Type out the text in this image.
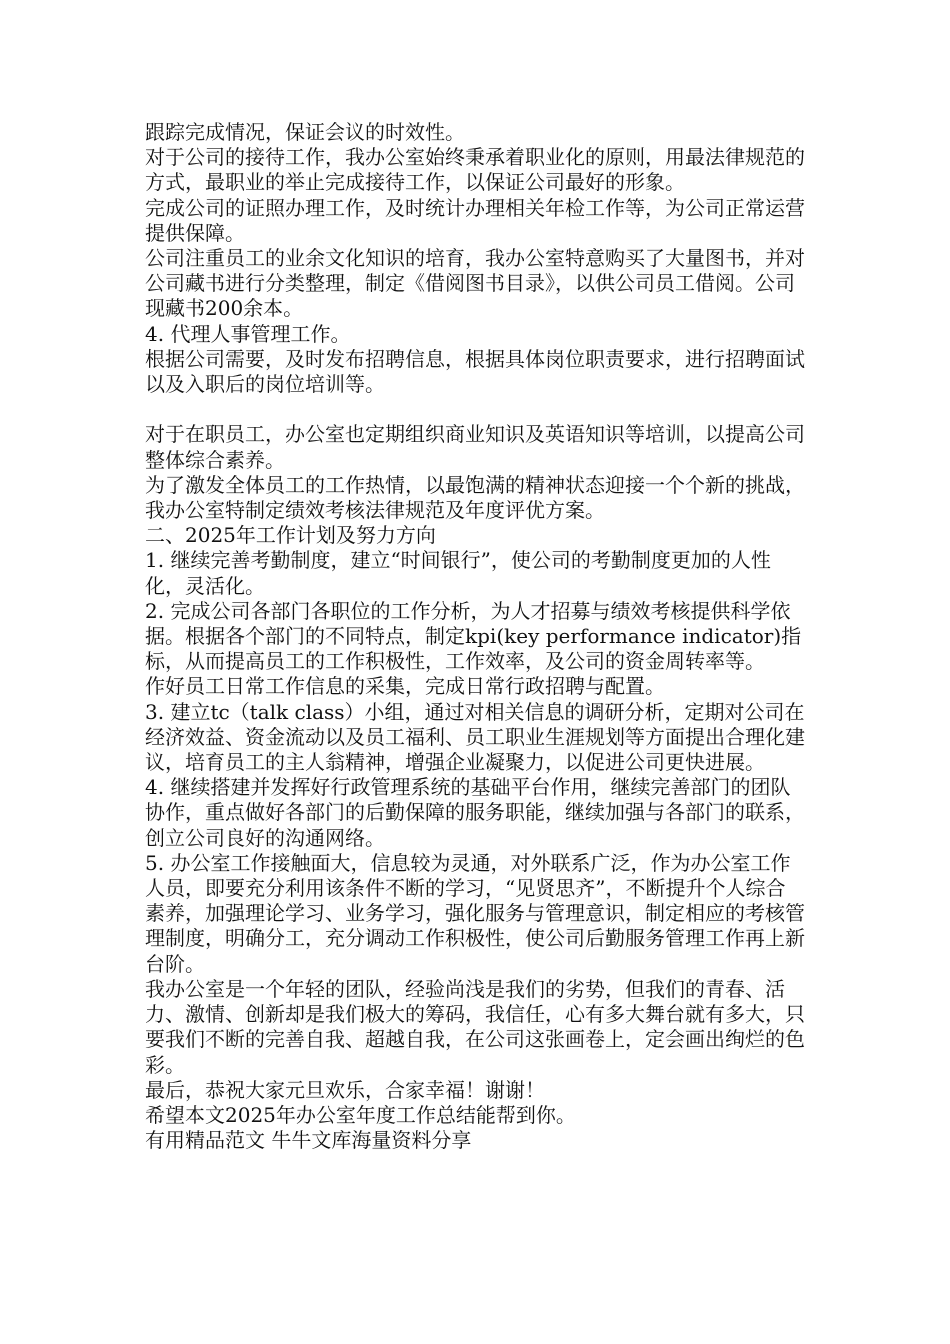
跟踪完成情况，保证会议的时效性。

对于公司的接待工作，我办公室始终秉承着职业化的原则，用最法律规范的方式，最职业的举止完成接待工作，以保证公司最好的形象。

完成公司的证照办理工作，及时统计办理相关年检工作等，为公司正常运营提供保障。

公司注重员工的业余文化知识的培育，我办公室特意购买了大量图书，并对公司藏书进行分类整理，制定《借阅图书目录》，以供公司员工借阅。公司现藏书200余本。

4. 代理人事管理工作。

根据公司需要，及时发布招聘信息，根据具体岗位职责要求，进行招聘面试以及入职后的岗位培训等。

对于在职员工，办公室也定期组织商业知识及英语知识等培训，以提高公司整体综合素养。

为了激发全体员工的工作热情，以最饱满的精神状态迎接一个个新的挑战，我办公室特制定绩效考核法律规范及年度评优方案。

二、2025年工作计划及努力方向

1. 继续完善考勤制度，建立“时间银行”，使公司的考勤制度更加的人性化，灵活化。

2. 完成公司各部门各职位的工作分析，为人才招募与绩效考核提供科学依据。根据各个部门的不同特点，制定kpi(key performance indicator)指标，从而提高员工的工作积极性，工作效率，及公司的资金周转率等。

作好员工日常工作信息的采集，完成日常行政招聘与配置。

3. 建立tc（talk class）小组，通过对相关信息的调研分析，定期对公司在经济效益、资金流动以及员工福利、员工职业生涯规划等方面提出合理化建议，培育员工的主人翁精神，增强企业凝聚力，以促进公司更快进展。

4. 继续搭建并发挥好行政管理系统的基础平台作用，继续完善部门的团队协作，重点做好各部门的后勤保障的服务职能，继续加强与各部门的联系，创立公司良好的沟通网络。

5. 办公室工作接触面大，信息较为灵通，对外联系广泛，作为办公室工作人员，即要充分利用该条件不断的学习，“见贤思齐”，不断提升个人综合素养，加强理论学习、业务学习，强化服务与管理意识，制定相应的考核管理制度，明确分工，充分调动工作积极性，使公司后勤服务管理工作再上新台阶。

我办公室是一个年轻的团队，经验尚浅是我们的劣势，但我们的青春、活力、激情、创新却是我们极大的筹码，我信任，心有多大舞台就有多大，只要我们不断的完善自我、超越自我，在公司这张画卷上，定会画出绚烂的色彩。

最后，恭祝大家元旦欢乐，合家幸福！谢谢！

希望本文2025年办公室年度工作总结能帮到你。

有用精品范文 牛牛文库海量资料分享
